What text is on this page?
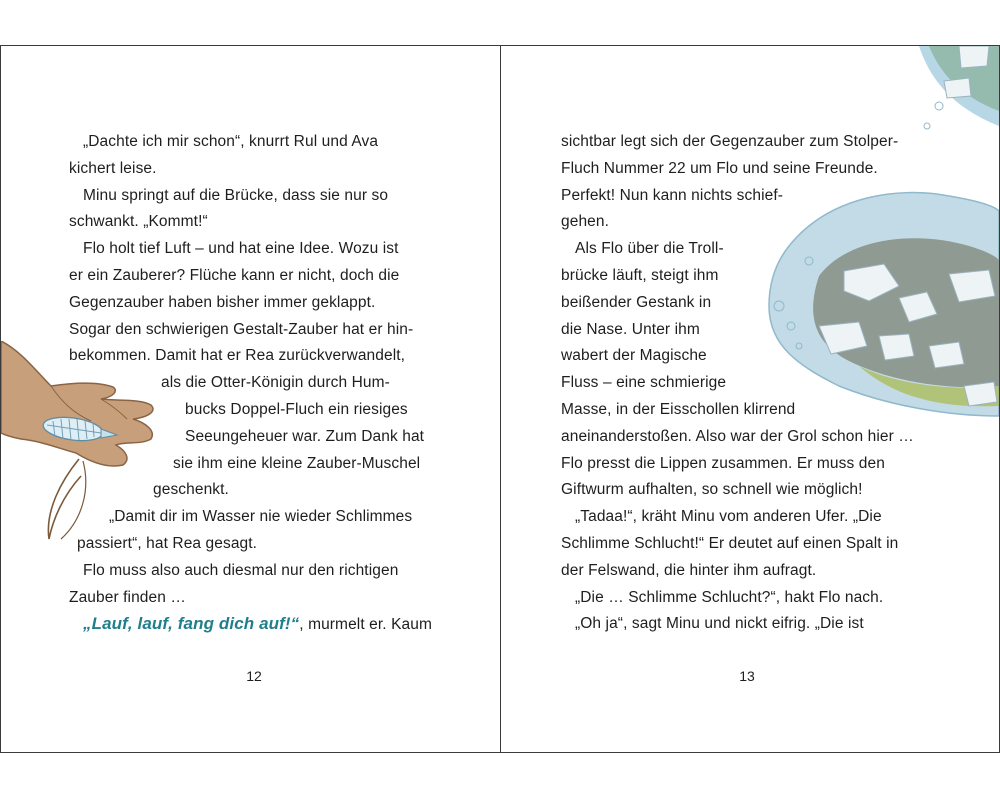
„Dachte ich mir schon“, knurrt Rul und Ava
kichert leise.
Minu springt auf die Brücke, dass sie nur so
schwankt. „Kommt!“
Flo holt tief Luft – und hat eine Idee. Wozu ist
er ein Zauberer? Flüche kann er nicht, doch die
Gegenzauber haben bisher immer geklappt.
Sogar den schwierigen Gestalt-Zauber hat er hin-
bekommen. Damit hat er Rea zurückverwandelt,
als die Otter-Königin durch Hum-
bucks Doppel-Fluch ein riesiges
Seeungeheuer war. Zum Dank hat
sie ihm eine kleine Zauber-Muschel
geschenkt.
„Damit dir im Wasser nie wieder Schlimmes
passiert“, hat Rea gesagt.
Flo muss also auch diesmal nur den richtigen
Zauber finden …
„Lauf, lauf, fang dich auf!“, murmelt er. Kaum
12
sichtbar legt sich der Gegenzauber zum Stolper-
Fluch Nummer 22 um Flo und seine Freunde.
Perfekt! Nun kann nichts schief-
gehen.
Als Flo über die Troll-
brücke läuft, steigt ihm
beißender Gestank in
die Nase. Unter ihm
wabert der Magische
Fluss – eine schmierige
Masse, in der Eisschollen klirrend
aneinanderstoßen. Also war der Grol schon hier …
Flo presst die Lippen zusammen. Er muss den
Giftwurm aufhalten, so schnell wie möglich!
„Tadaa!“, kräht Minu vom anderen Ufer. „Die
Schlimme Schlucht!“ Er deutet auf einen Spalt in
der Felswand, die hinter ihm aufragt.
„Die … Schlimme Schlucht?“, hakt Flo nach.
„Oh ja“, sagt Minu und nickt eifrig. „Die ist
13
